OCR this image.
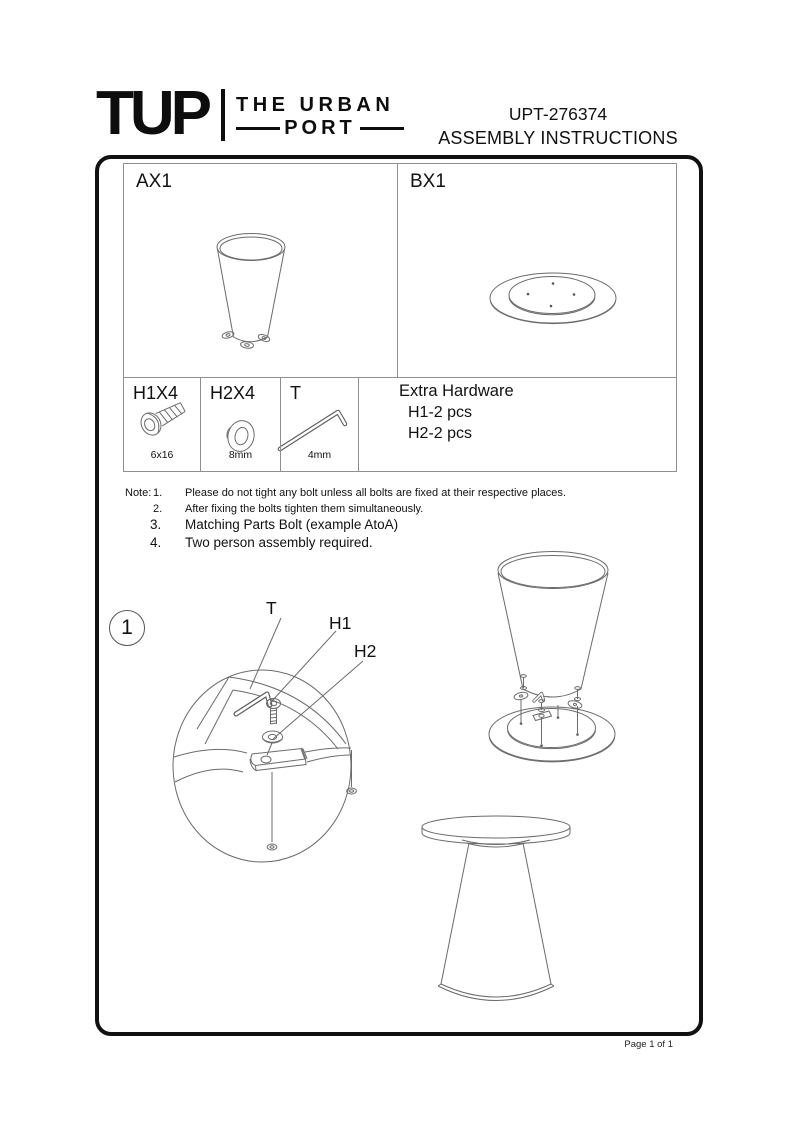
TUP THE URBAN
PORT
UPT-276374
ASSEMBLY INSTRUCTIONS
AX1	BX1
H1X4
6x16
H2X4
8mm
T
4mm
Extra Hardware
H1-2 pcs
H2-2 pcs
Note: 1. Please do not tight any bolt unless all bolts are fixed at their respective places.
2. After fixing the bolts tighten them simultaneously.
3. Matching Parts Bolt (example AtoA)
4. Two person assembly required.
1
T
H1
H2
Page 1 of 1
